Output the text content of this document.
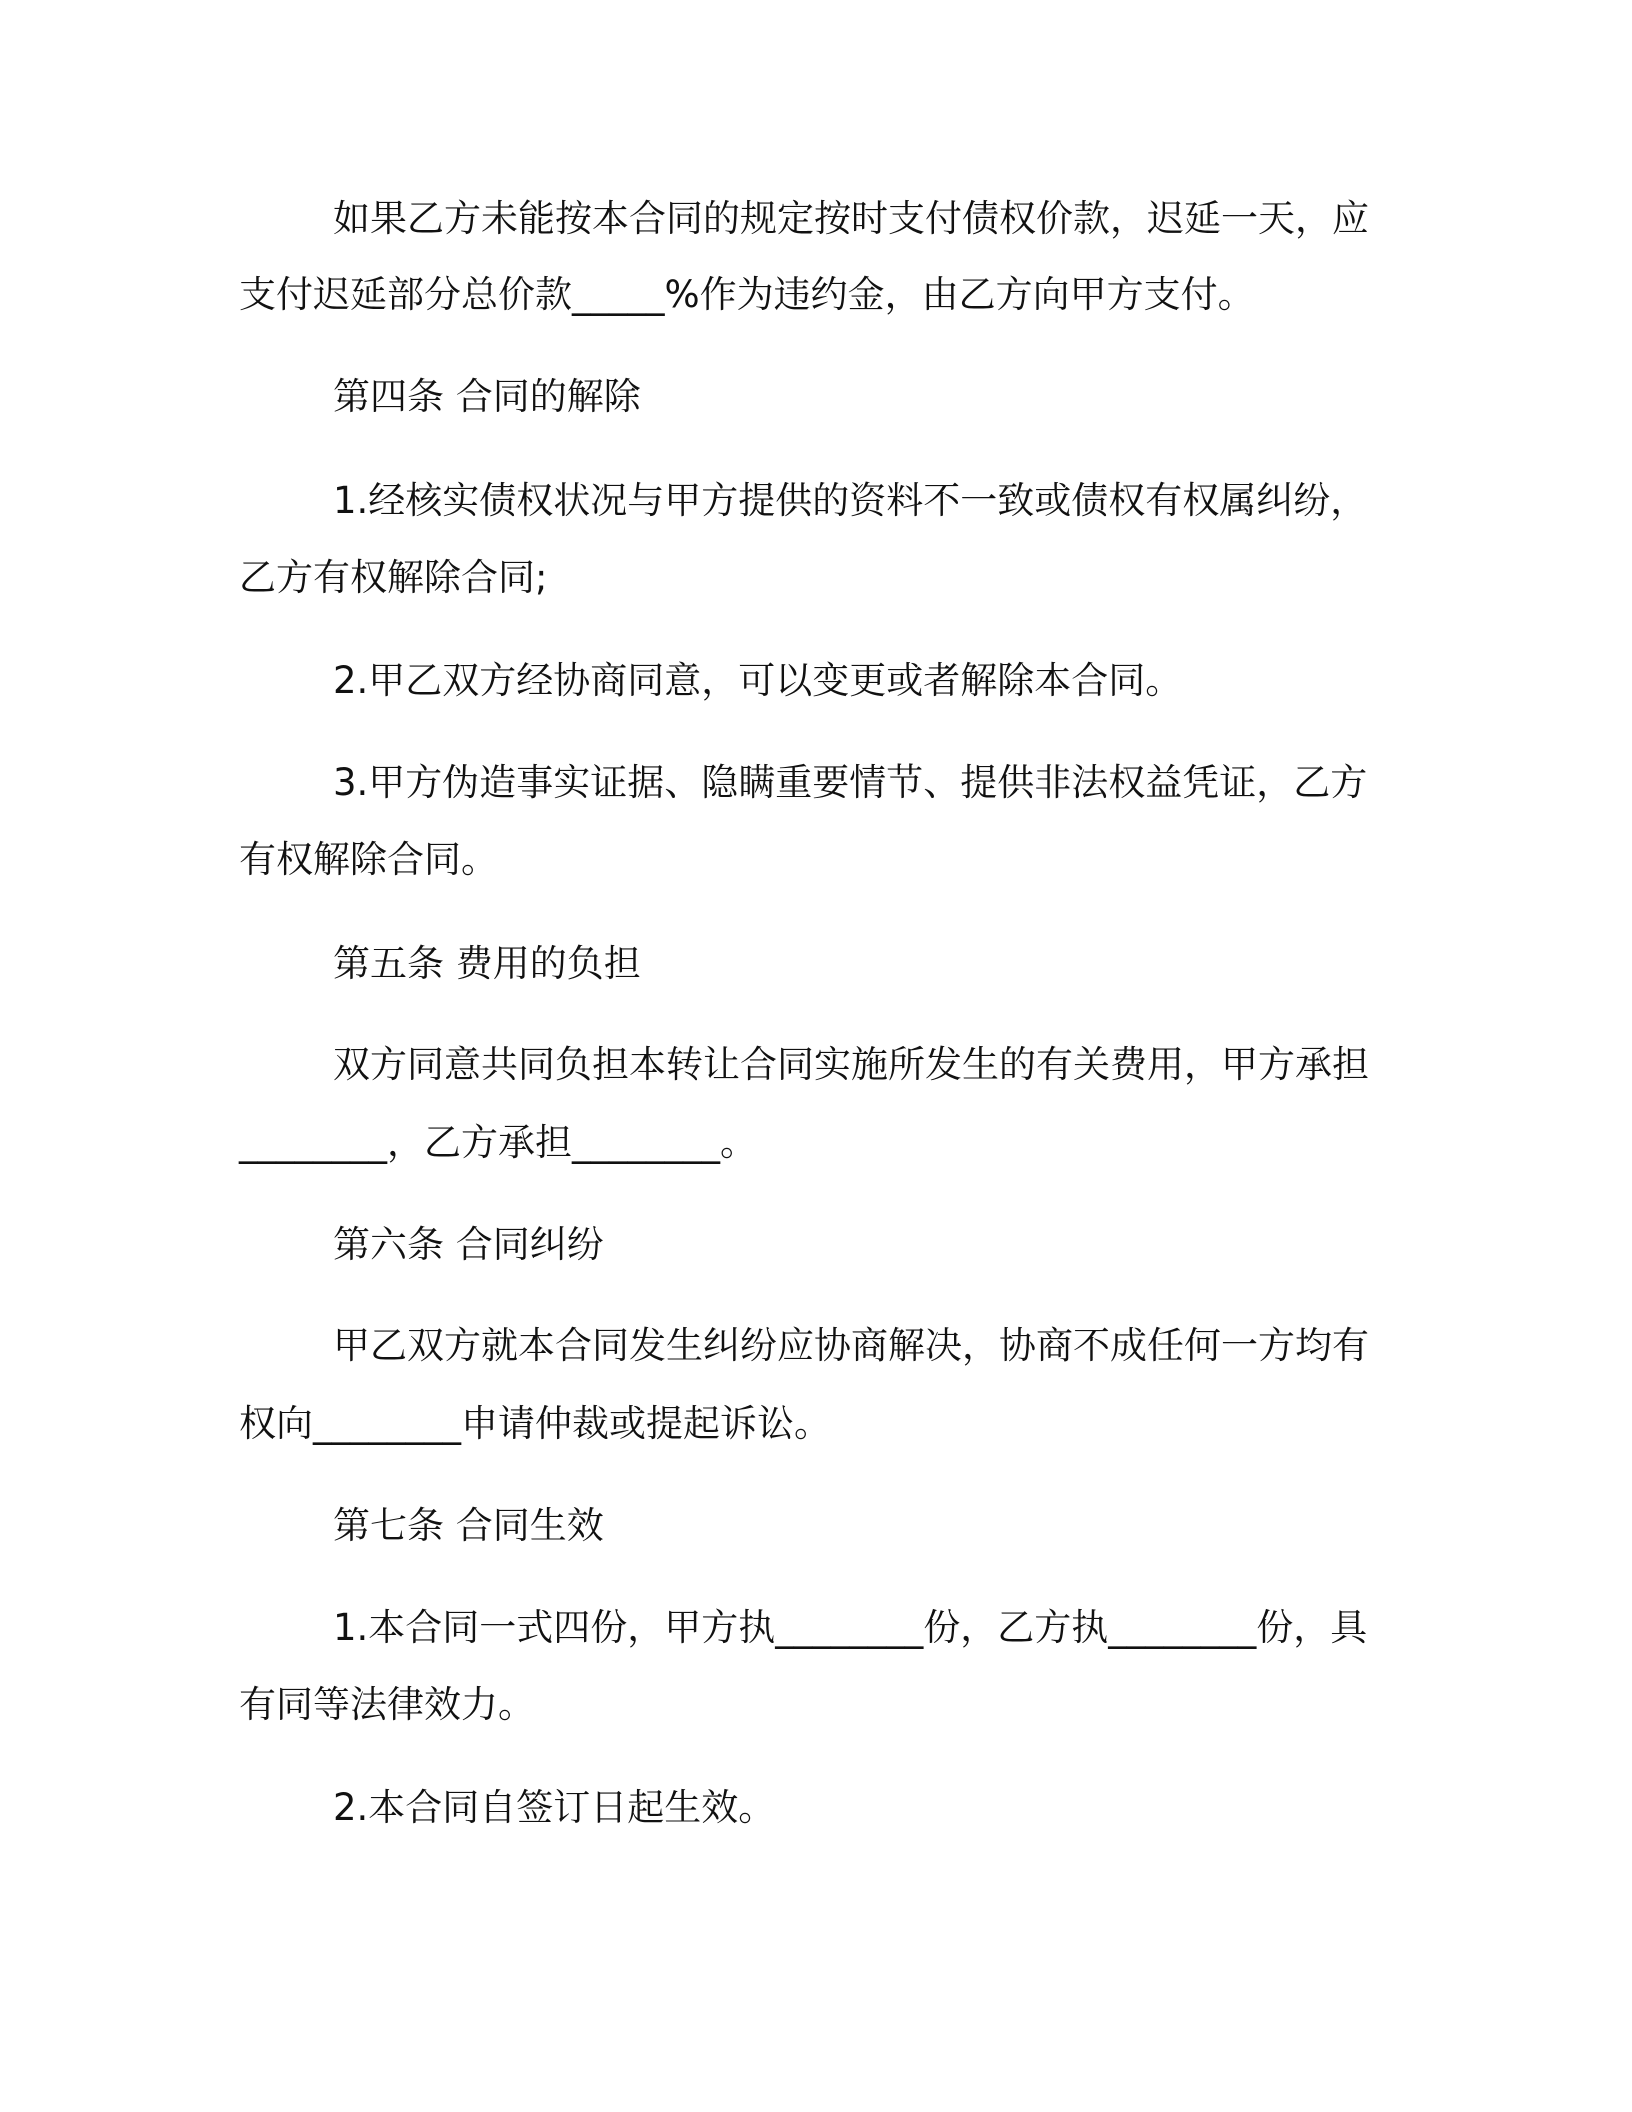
如果乙方未能按本合同的规定按时支付债权价款，迟延一天，应
支付迟延部分总价款_____%作为违约金，由乙方向甲方支付。
第四条 合同的解除
1.经核实债权状况与甲方提供的资料不一致或债权有权属纠纷，
乙方有权解除合同;
2.甲乙双方经协商同意，可以变更或者解除本合同。
3.甲方伪造事实证据、隐瞒重要情节、提供非法权益凭证，乙方
有权解除合同。
第五条 费用的负担
双方同意共同负担本转让合同实施所发生的有关费用，甲方承担
________，乙方承担________。
第六条 合同纠纷
甲乙双方就本合同发生纠纷应协商解决，协商不成任何一方均有
权向________申请仲裁或提起诉讼。
第七条 合同生效
1.本合同一式四份，甲方执________份，乙方执________份，具
有同等法律效力。
2.本合同自签订日起生效。
